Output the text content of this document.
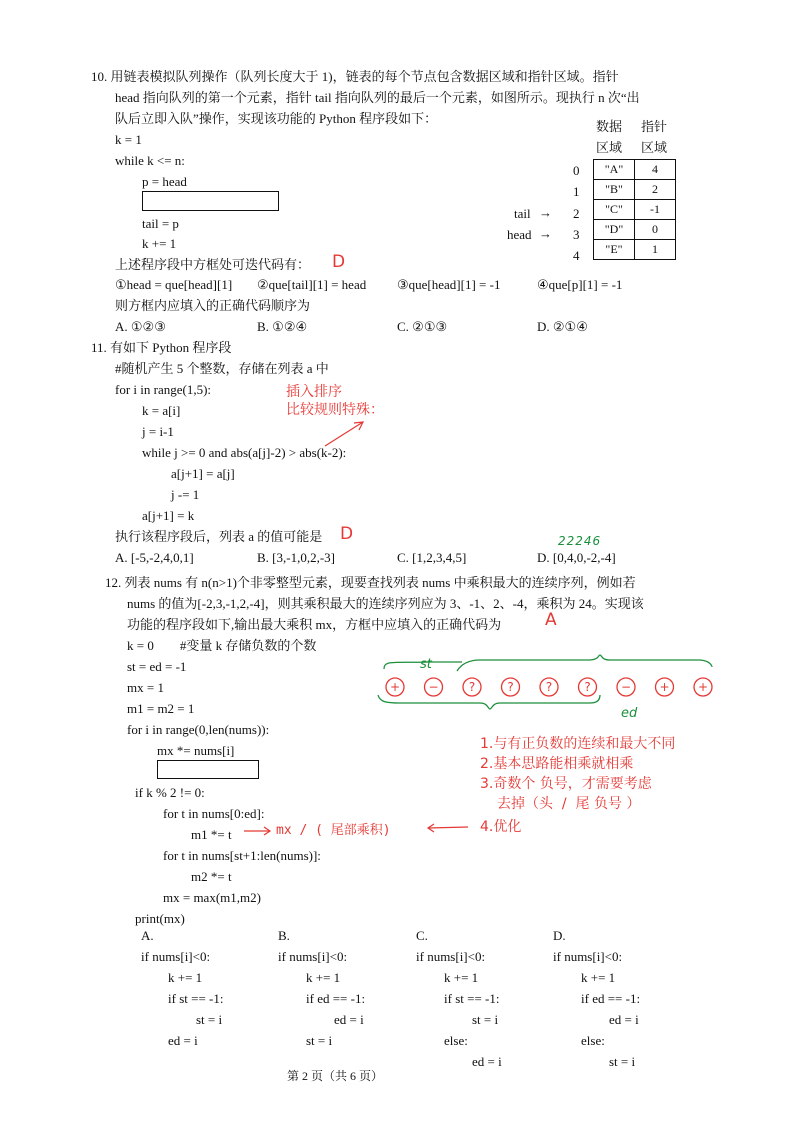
10. 用链表模拟队列操作（队列长度大于 1)，链表的每个节点包含数据区域和指针区域。指针
head 指向队列的第一个元素，指针 tail 指向队列的最后一个元素，如图所示。现执行 n 次“出
队后立即入队”操作，实现该功能的 Python 程序段如下：
k = 1
while k <= n:
p = head
tail = p
k += 1
数据 指针
区域 区域
"A"	4
"B"	2
"C"	-1
"D"	0
"E"	1
0
1
2
3
4
tail →
head →
上述程序段中方框处可迭代码有： D
①head = que[head][1] ②que[tail][1] = head ③que[head][1] = -1	④que[p][1] = -1
则方框内应填入的正确代码顺序为
A. ①②③	B. ①②④	C. ②①③	D. ②①④
11. 有如下 Python 程序段
#随机产生 5 个整数，存储在列表 a 中
for i in range(1,5):
k = a[i]
j = i-1
while j >= 0 and abs(a[j]-2) > abs(k-2):
a[j+1] = a[j]
j -= 1
a[j+1] = k
插入排序
比较规则特殊：
执行该程序段后，列表 a 的值可能是 D	22246
A. [-5,-2,4,0,1]	B. [3,-1,0,2,-3]	C. [1,2,3,4,5]	D. [0,4,0,-2,-4]
12. 列表 nums 有 n(n>1)个非零整型元素，现要查找列表 nums 中乘积最大的连续序列，例如若
nums 的值为[-2,3,-1,2,-4]，则其乘积最大的连续序列应为 3、-1、2、-4，乘积为 24。实现该
功能的程序段如下,输出最大乘积 mx，方框中应填入的正确代码为	A
k = 0        #变量 k 存储负数的个数
st = ed = -1
mx = 1
m1 = m2 = 1
for i in range(0,len(nums)):
mx *= nums[i]
if k % 2 != 0:
for t in nums[0:ed]:
m1 *= t
for t in nums[st+1:len(nums)]:
m2 *= t
mx = max(m1,m2)
print(mx)
+ −	?	?	?	?	− + +
st
ed
mx / ( 尾部乘积)
1.与有正负数的连续和最大不同
2.基本思路能相乘就相乘
3.奇数个 负号，才需要考虑
去掉（头  /  尾 负号 ）
4.优化
A.
if nums[i]<0:
k += 1
if st == -1:
st = i
ed = i
B.
if nums[i]<0:
k += 1
if ed == -1:
ed = i
st = i
C.
if nums[i]<0:
k += 1
if st == -1:
st = i
else:
ed = i
D.
if nums[i]<0:
k += 1
if ed == -1:
ed = i
else:
st = i
第 2 页（共 6 页）
